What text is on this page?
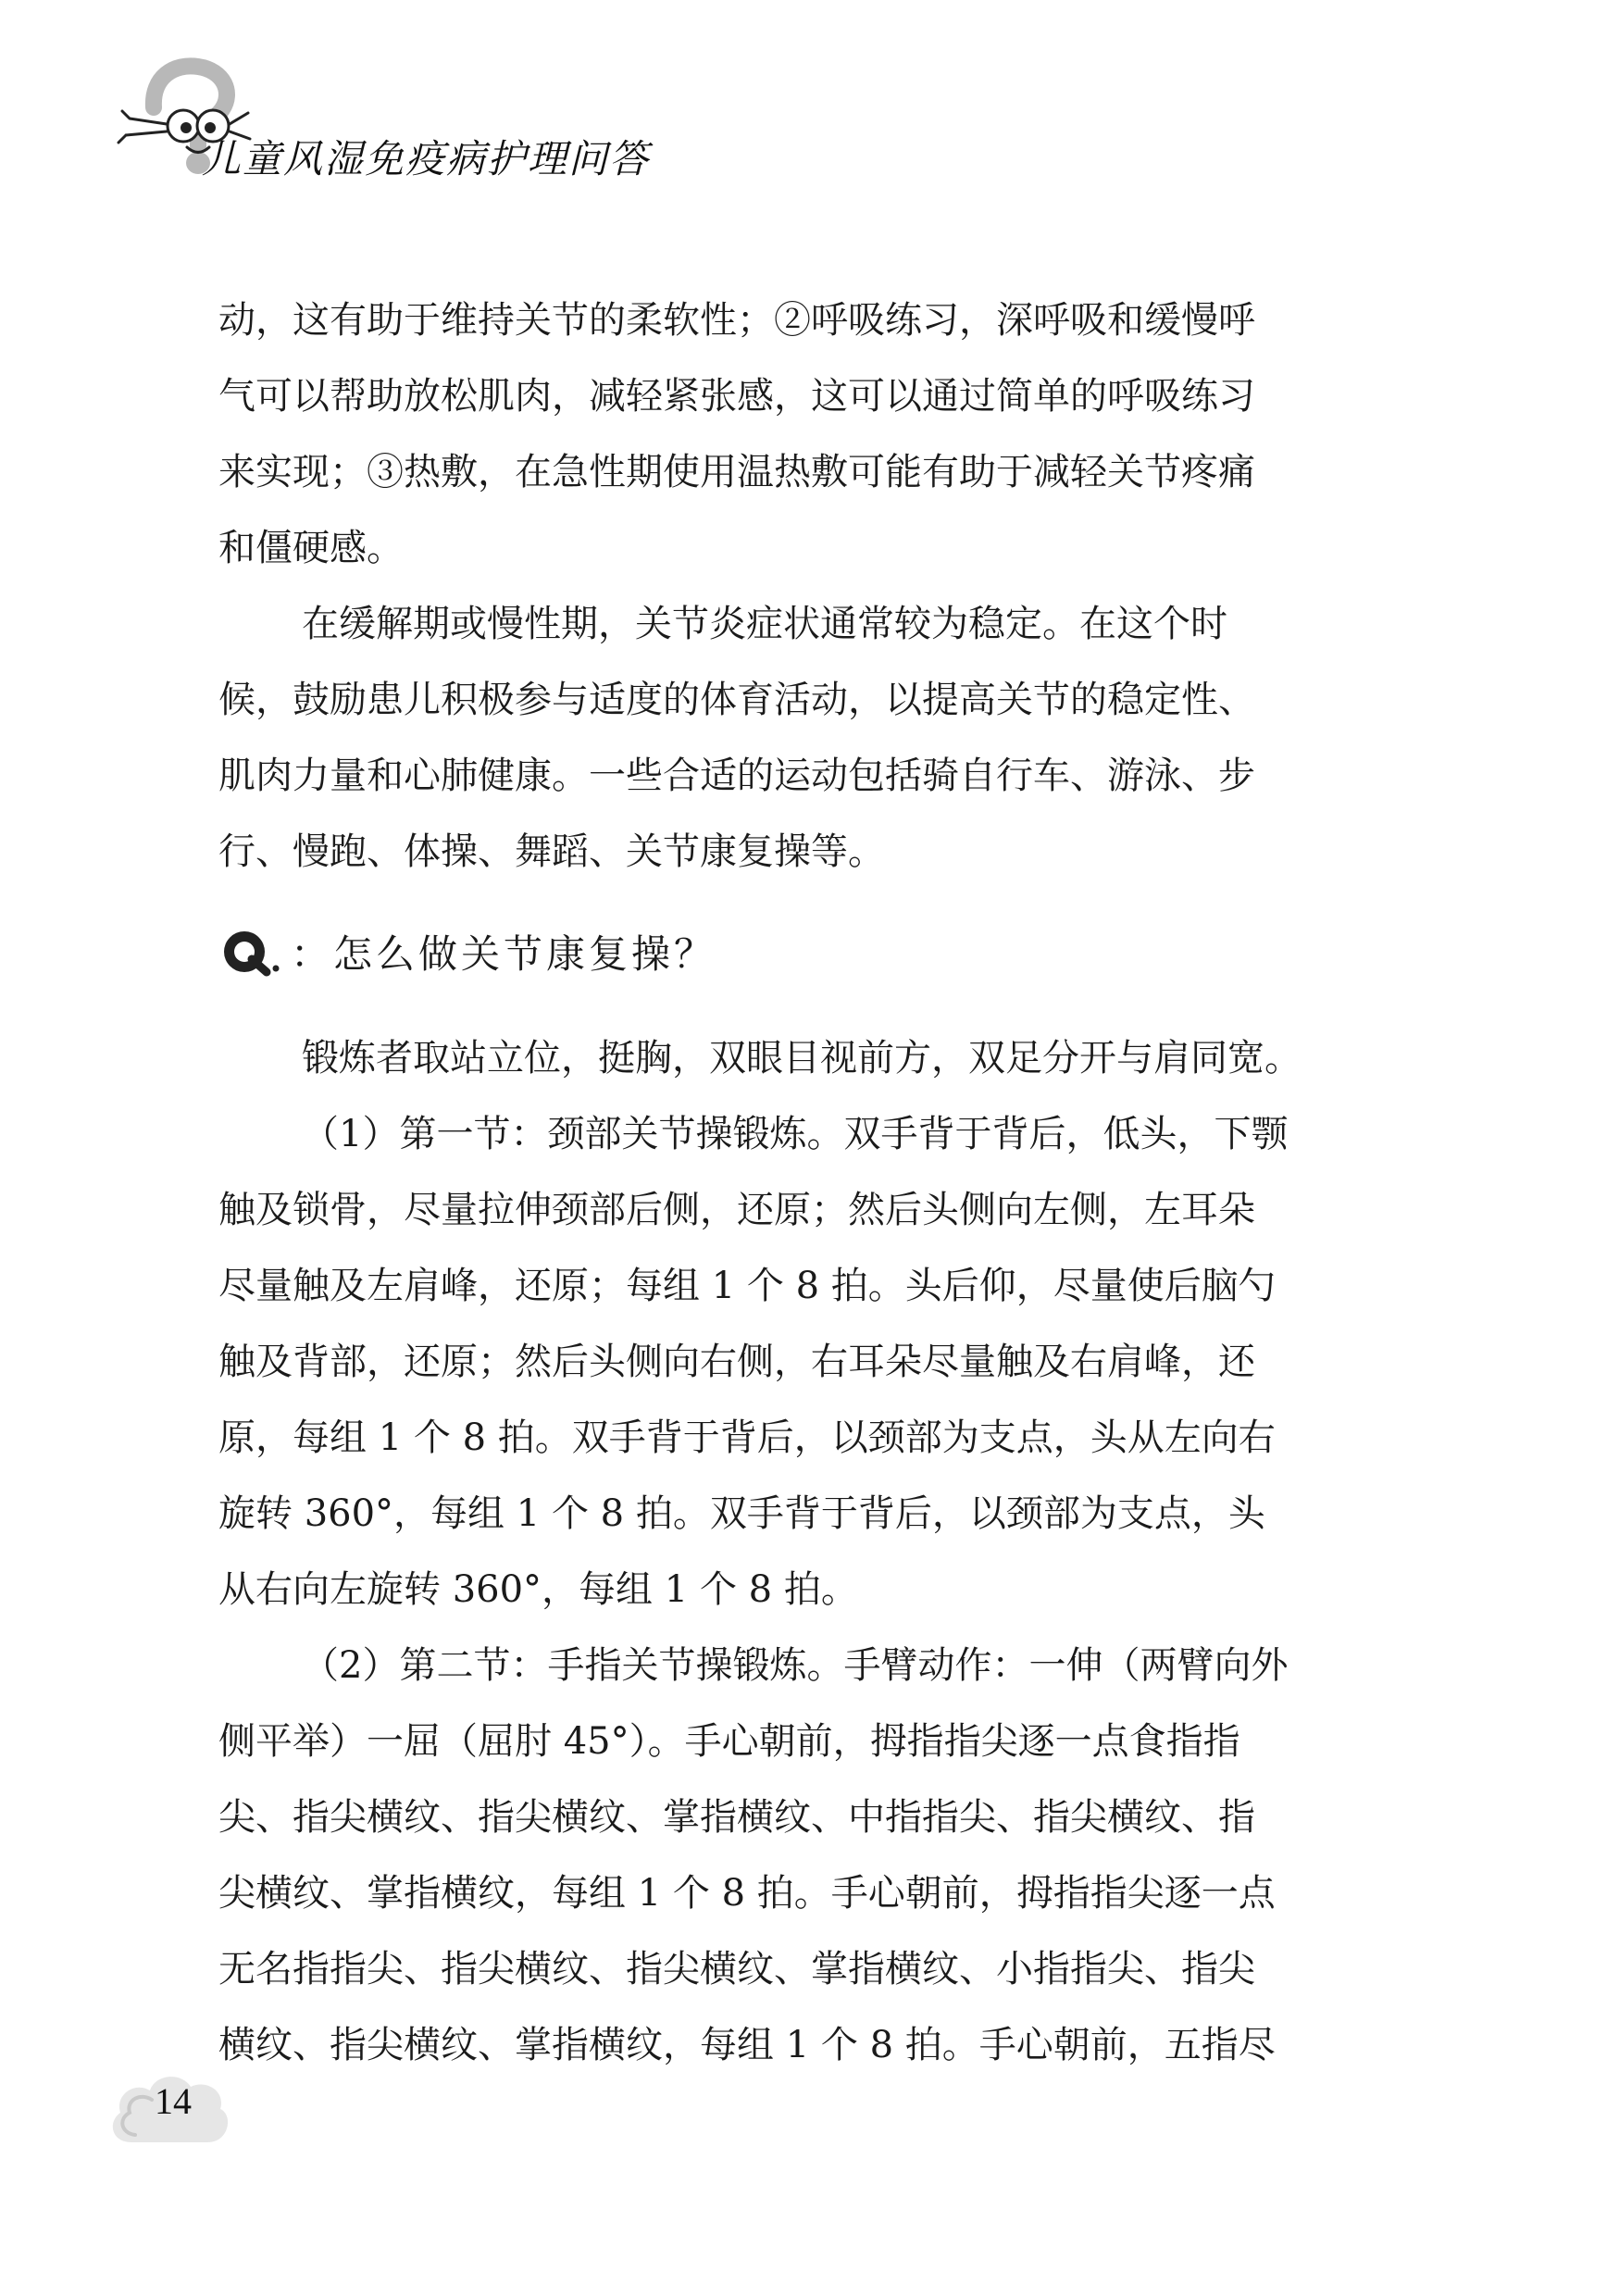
儿童风湿免疫病护理问答
动，这有助于维持关节的柔软性；②呼吸练习，深呼吸和缓慢呼
气可以帮助放松肌肉，减轻紧张感，这可以通过简单的呼吸练习
来实现；③热敷，在急性期使用温热敷可能有助于减轻关节疼痛
和僵硬感。
在缓解期或慢性期，关节炎症状通常较为稳定。在这个时
候，鼓励患儿积极参与适度的体育活动，以提高关节的稳定性、
肌肉力量和心肺健康。一些合适的运动包括骑自行车、游泳、步
行、慢跑、体操、舞蹈、关节康复操等。
：怎么做关节康复操？
锻炼者取站立位，挺胸，双眼目视前方，双足分开与肩同宽。
（1）第一节：颈部关节操锻炼。双手背于背后，低头，下颚
触及锁骨，尽量拉伸颈部后侧，还原；然后头侧向左侧，左耳朵
尽量触及左肩峰，还原；每组 1 个 8 拍。头后仰，尽量使后脑勺
触及背部，还原；然后头侧向右侧，右耳朵尽量触及右肩峰，还
原，每组 1 个 8 拍。双手背于背后，以颈部为支点，头从左向右
旋转 360°，每组 1 个 8 拍。双手背于背后，以颈部为支点，头
从右向左旋转 360°，每组 1 个 8 拍。
（2）第二节：手指关节操锻炼。手臂动作：一伸（两臂向外
侧平举）一屈（屈肘 45°）。手心朝前，拇指指尖逐一点食指指
尖、指尖横纹、指尖横纹、掌指横纹、中指指尖、指尖横纹、指
尖横纹、掌指横纹，每组 1 个 8 拍。手心朝前，拇指指尖逐一点
无名指指尖、指尖横纹、指尖横纹、掌指横纹、小指指尖、指尖
横纹、指尖横纹、掌指横纹，每组 1 个 8 拍。手心朝前，五指尽
14
